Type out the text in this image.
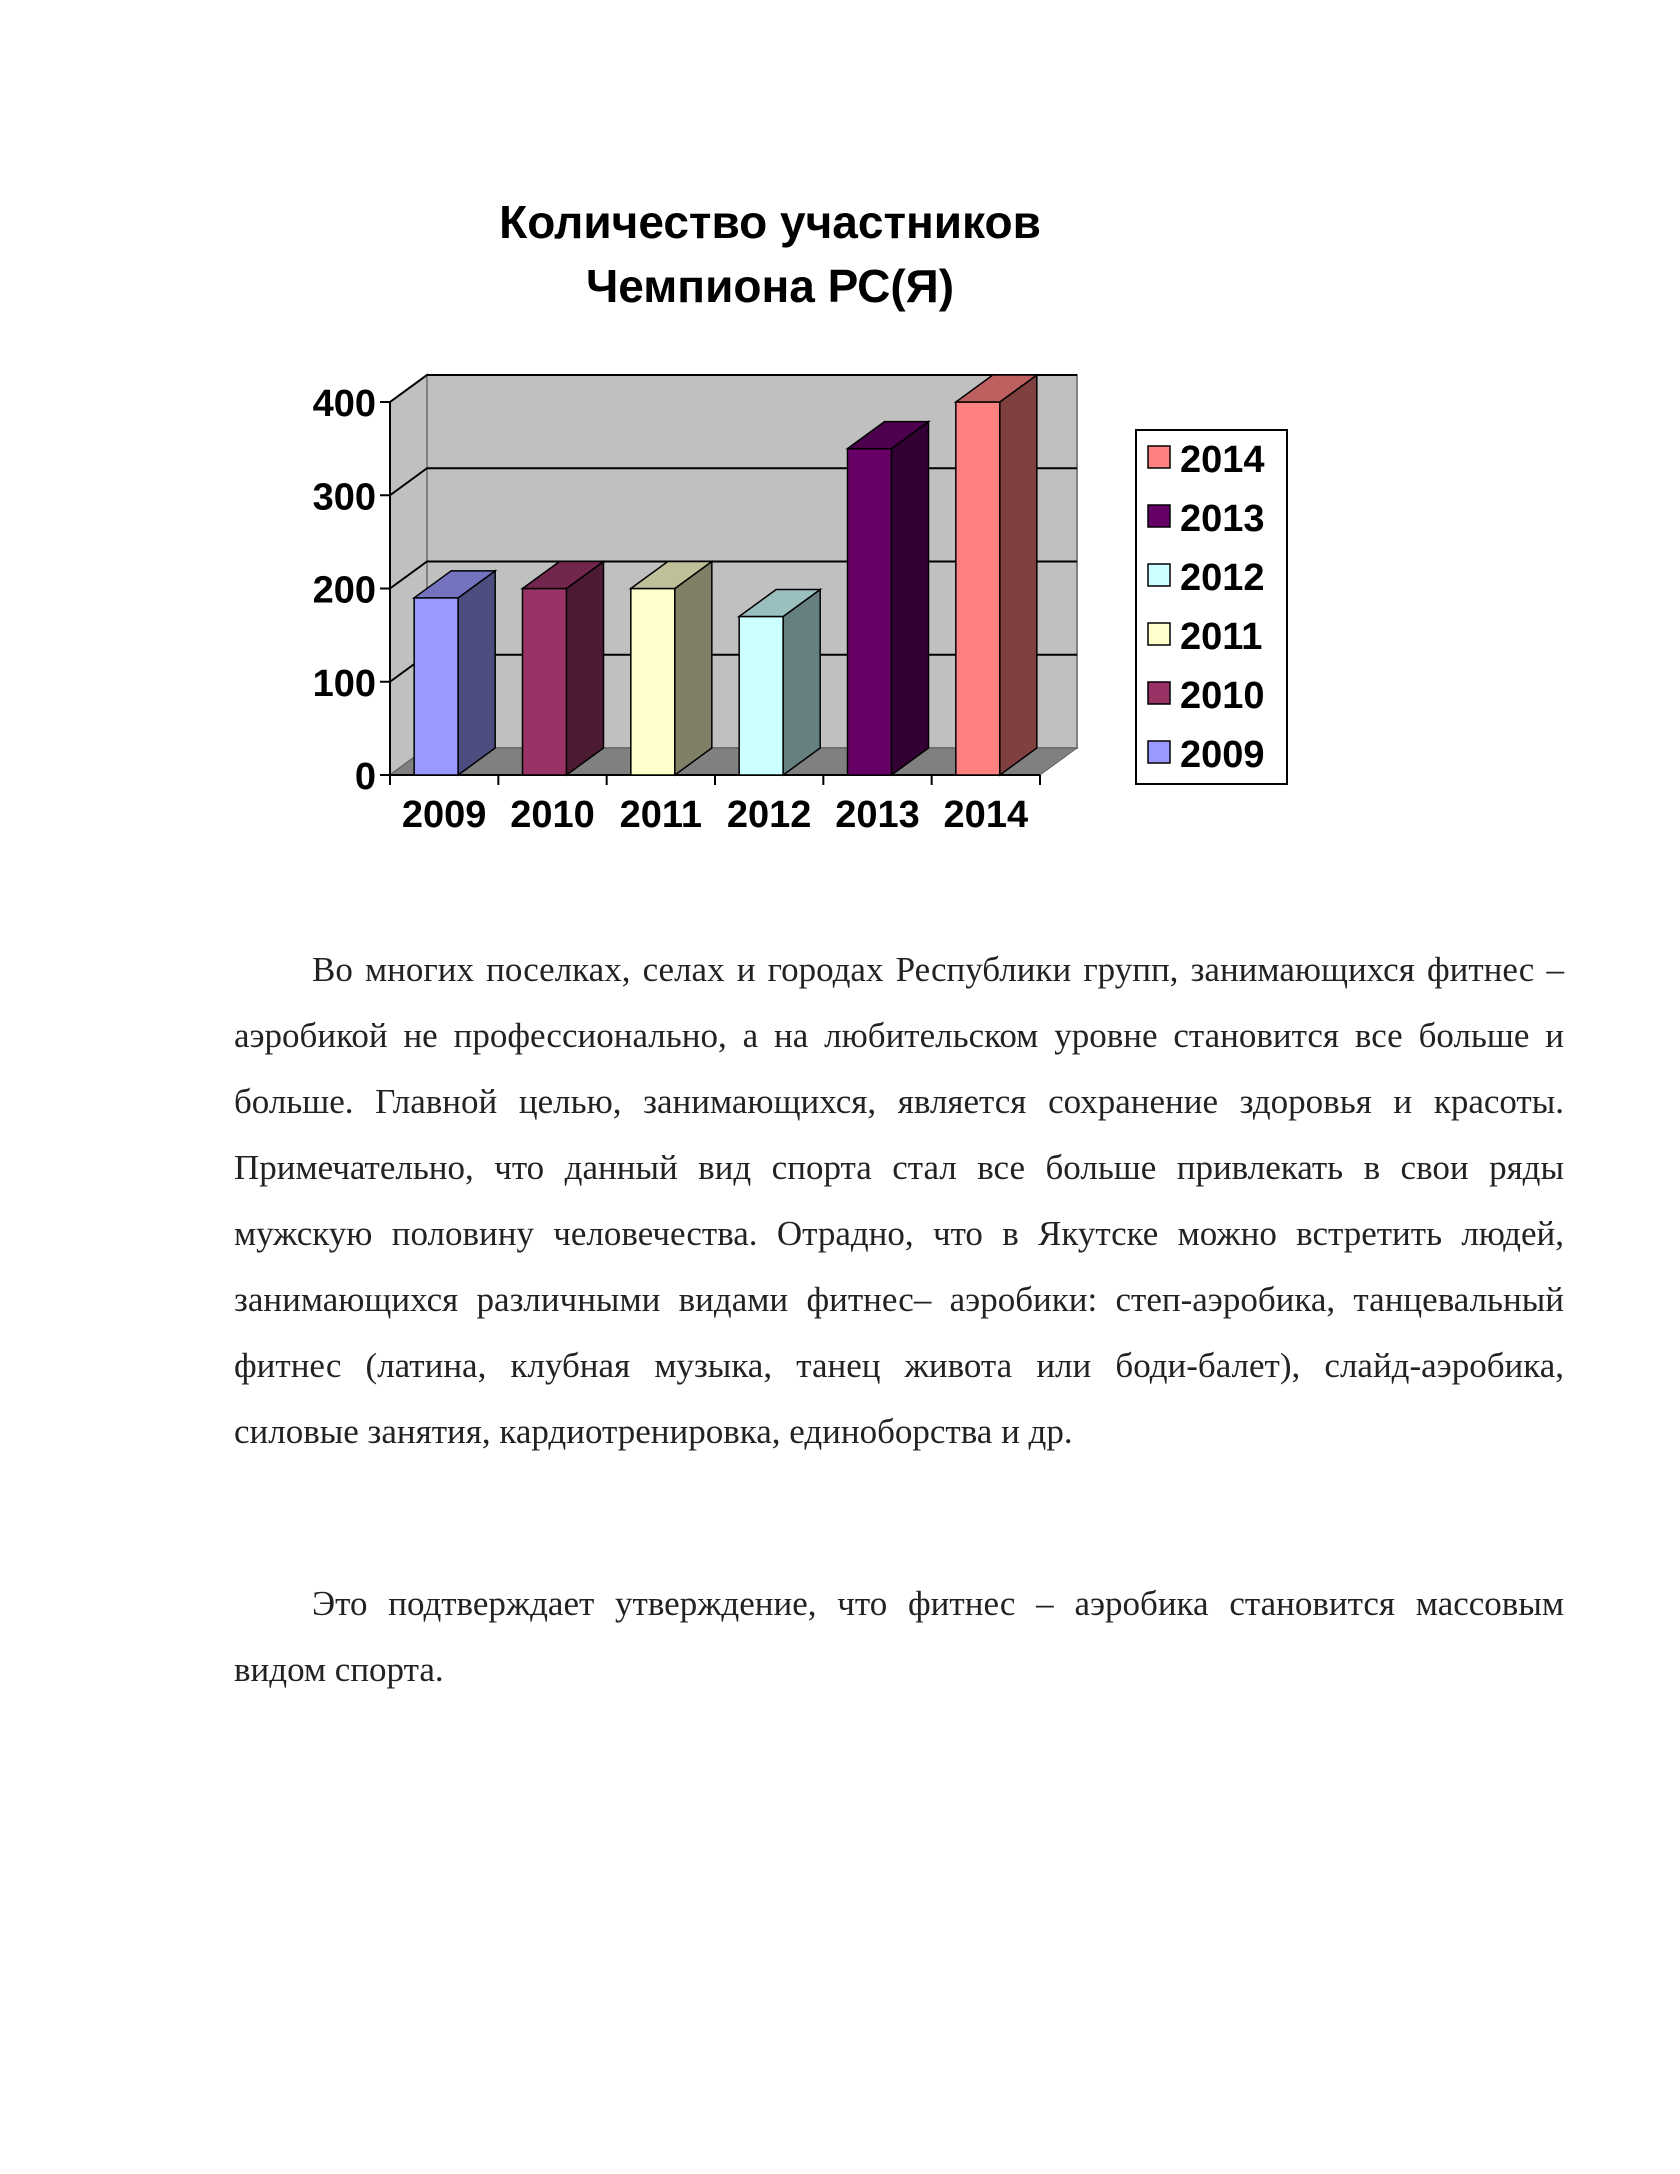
Количество участников
Чемпиона РС(Я)
0
100
200
300
400
2009 2010 2011 2012 2013 2014
2014
2013
2012
2011
2010
2009

Во многих поселках, селах и городах Республики групп, занимающихся фитнес – аэробикой не профессионально, а на любительском уровне становится все больше и больше. Главной целью, занимающихся, является сохранение здоровья и красоты. Примечательно, что данный вид спорта стал все больше привлекать в свои ряды мужскую половину человечества. Отрадно, что в Якутске можно встретить людей, занимающихся различными видами фитнес– аэробики: степ-аэробика, танцевальный фитнес (латина, клубная музыка, танец живота или боди-балет), слайд-аэробика, силовые занятия, кардиотренировка, единоборства и др.

Это подтверждает утверждение, что фитнес – аэробика становится массовым видом спорта.
